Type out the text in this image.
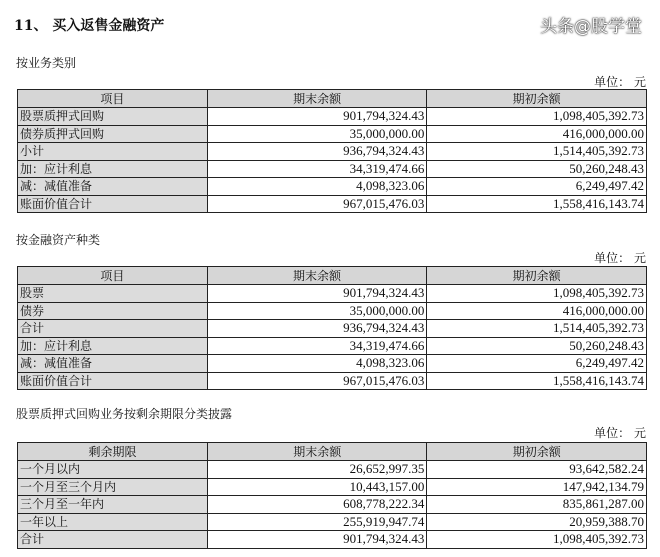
11、 买入返售金融资产
按业务类别
单位： 元
项目	期末余额	期初余额
股票质押式回购	901,794,324.43	1,098,405,392.73
债券质押式回购	35,000,000.00	416,000,000.00
小计	936,794,324.43	1,514,405,392.73
加：应计利息	34,319,474.66	50,260,248.43
减：减值准备	4,098,323.06	6,249,497.42
账面价值合计	967,015,476.03	1,558,416,143.74
按金融资产种类
单位： 元
项目	期末余额	期初余额
股票	901,794,324.43	1,098,405,392.73
债券	35,000,000.00	416,000,000.00
合计	936,794,324.43	1,514,405,392.73
加：应计利息	34,319,474.66	50,260,248.43
减：减值准备	4,098,323.06	6,249,497.42
账面价值合计	967,015,476.03	1,558,416,143.74
股票质押式回购业务按剩余期限分类披露
单位： 元
剩余期限	期末余额	期初余额
一个月以内	26,652,997.35	93,642,582.24
一个月至三个月内	10,443,157.00	147,942,134.79
三个月至一年内	608,778,222.34	835,861,287.00
一年以上	255,919,947.74	20,959,388.70
合计	901,794,324.43	1,098,405,392.73
头条@股学堂
